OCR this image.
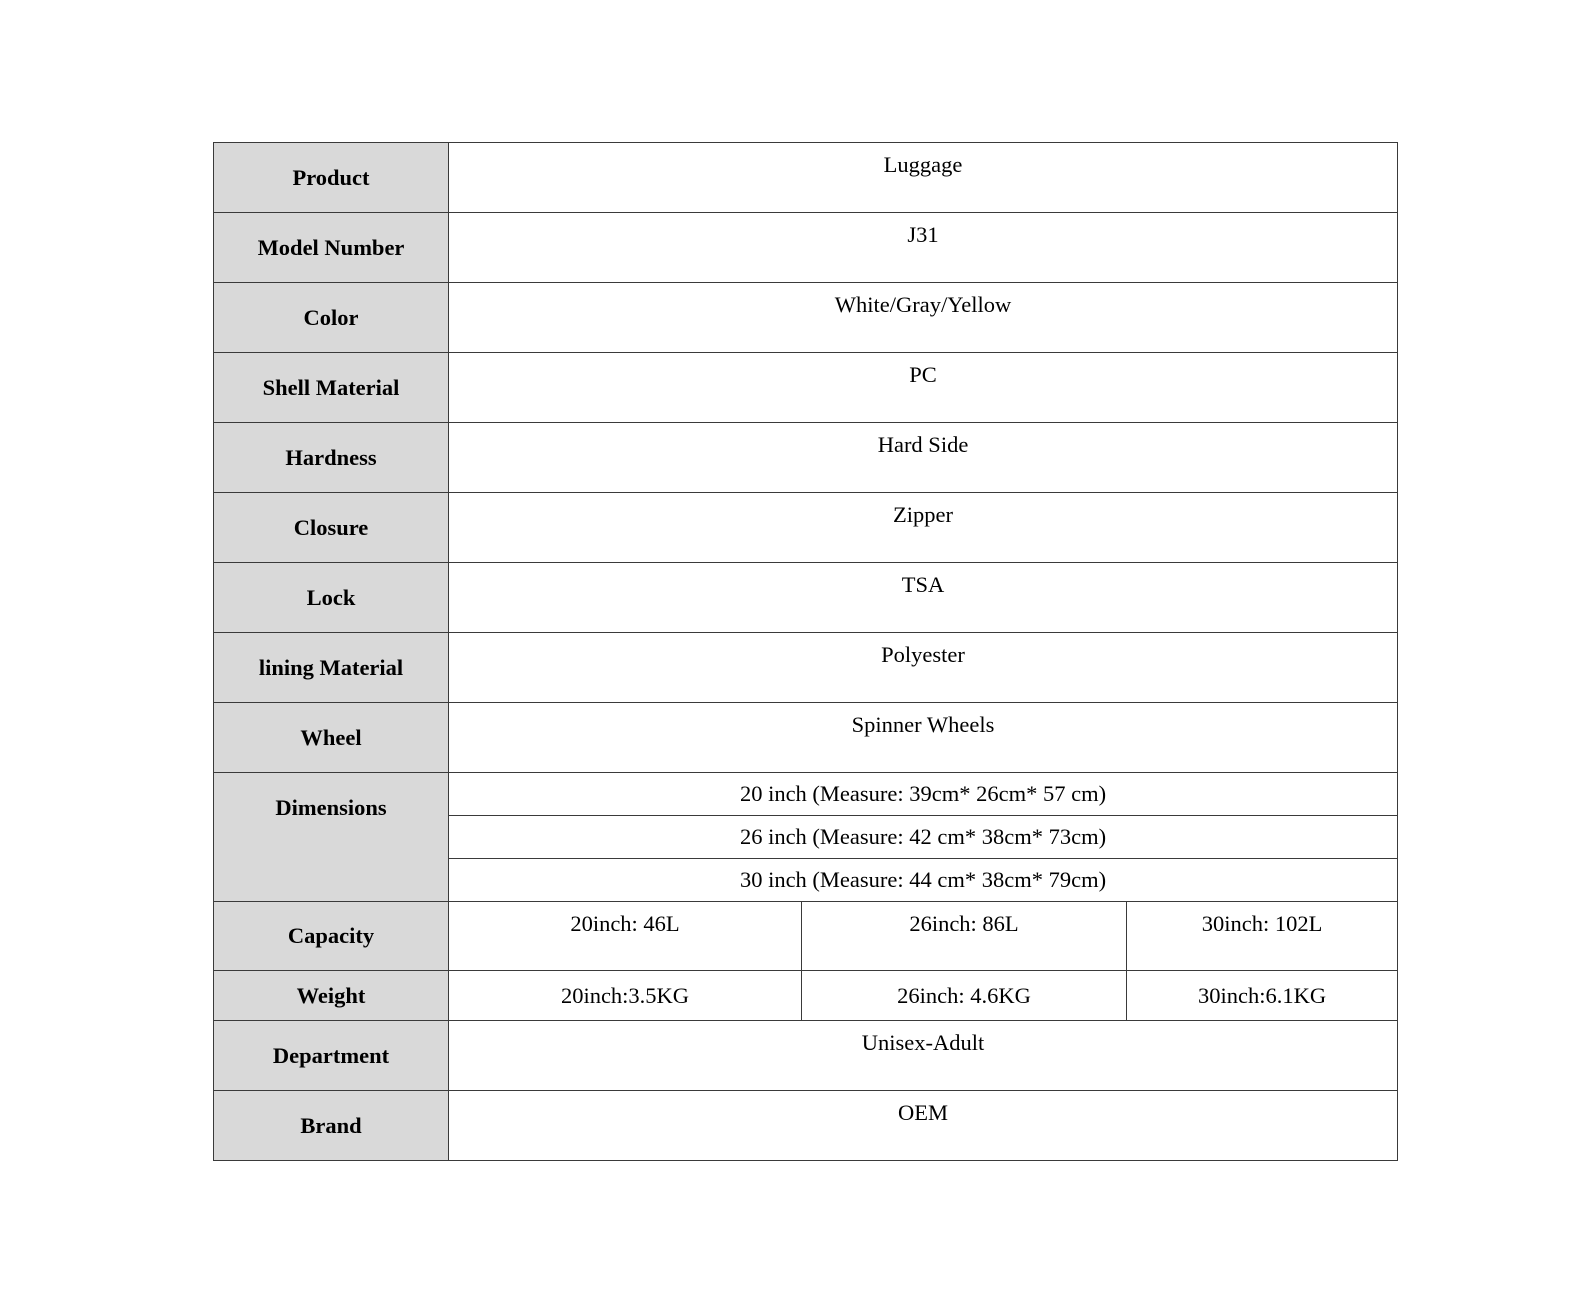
Product	Luggage		
Model Number	J31		
Color	White/Gray/Yellow		
Shell Material	PC		
Hardness	Hard Side		
Closure	Zipper		
Lock	TSA		
lining Material	Polyester		
Wheel	Spinner Wheels		
Dimensions	20 inch (Measure: 39cm* 26cm* 57 cm)		
	26 inch (Measure: 42 cm* 38cm* 73cm)		
	30 inch (Measure: 44 cm* 38cm* 79cm)		
Capacity	20inch: 46L	26inch: 86L	30inch: 102L
Weight	20inch:3.5KG	26inch: 4.6KG	30inch:6.1KG
Department	Unisex-Adult		
Brand	OEM		
